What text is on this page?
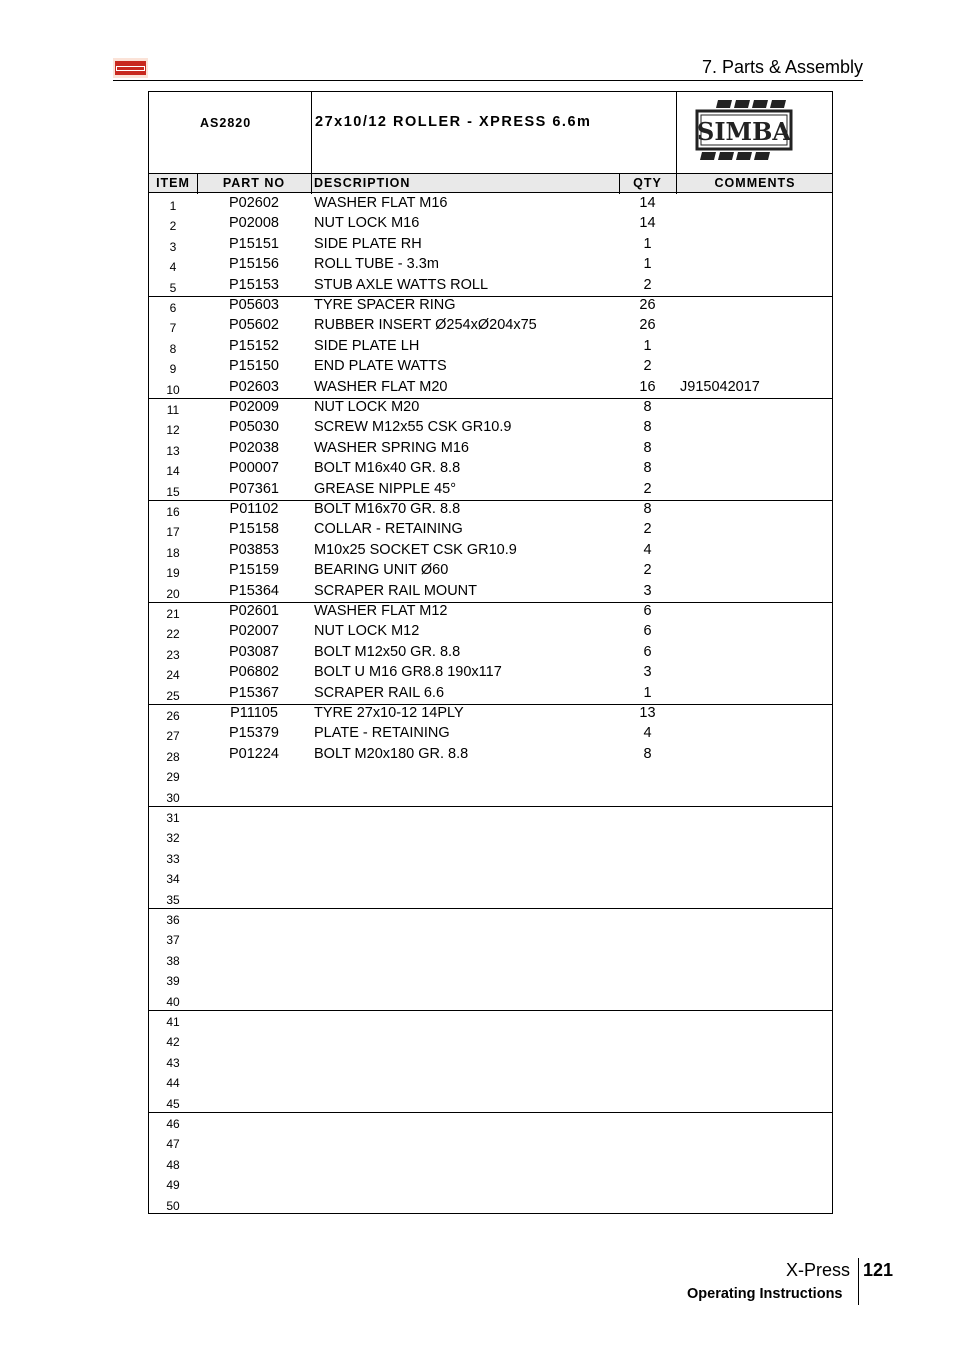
7. Parts & Assembly
AS2820	27x10/12 ROLLER - XPRESS 6.6m	SIMBA
ITEM	PART NO	DESCRIPTION	QTY	COMMENTS
1	P02602	WASHER FLAT M16	14
2	P02008	NUT LOCK M16	14
3	P15151	SIDE PLATE RH	1
4	P15156	ROLL TUBE - 3.3m	1
5	P15153	STUB AXLE WATTS ROLL	2
6	P05603	TYRE SPACER RING	26
7	P05602	RUBBER INSERT Ø254xØ204x75	26
8	P15152	SIDE PLATE LH	1
9	P15150	END PLATE WATTS	2
10	P02603	WASHER FLAT M20	16	J915042017
11	P02009	NUT LOCK M20	8
12	P05030	SCREW M12x55 CSK GR10.9	8
13	P02038	WASHER SPRING M16	8
14	P00007	BOLT M16x40 GR. 8.8	8
15	P07361	GREASE NIPPLE 45°	2
16	P01102	BOLT M16x70 GR. 8.8	8
17	P15158	COLLAR - RETAINING	2
18	P03853	M10x25 SOCKET CSK GR10.9	4
19	P15159	BEARING UNIT Ø60	2
20	P15364	SCRAPER RAIL MOUNT	3
21	P02601	WASHER FLAT M12	6
22	P02007	NUT LOCK M12	6
23	P03087	BOLT M12x50 GR. 8.8	6
24	P06802	BOLT U M16 GR8.8 190x117	3
25	P15367	SCRAPER RAIL 6.6	1
26	P11105	TYRE 27x10-12 14PLY	13
27	P15379	PLATE - RETAINING	4
28	P01224	BOLT M20x180 GR. 8.8	8
29
30
31
32
33
34
35
36
37
38
39
40
41
42
43
44
45
46
47
48
49
50
X-Press 121
Operating Instructions
